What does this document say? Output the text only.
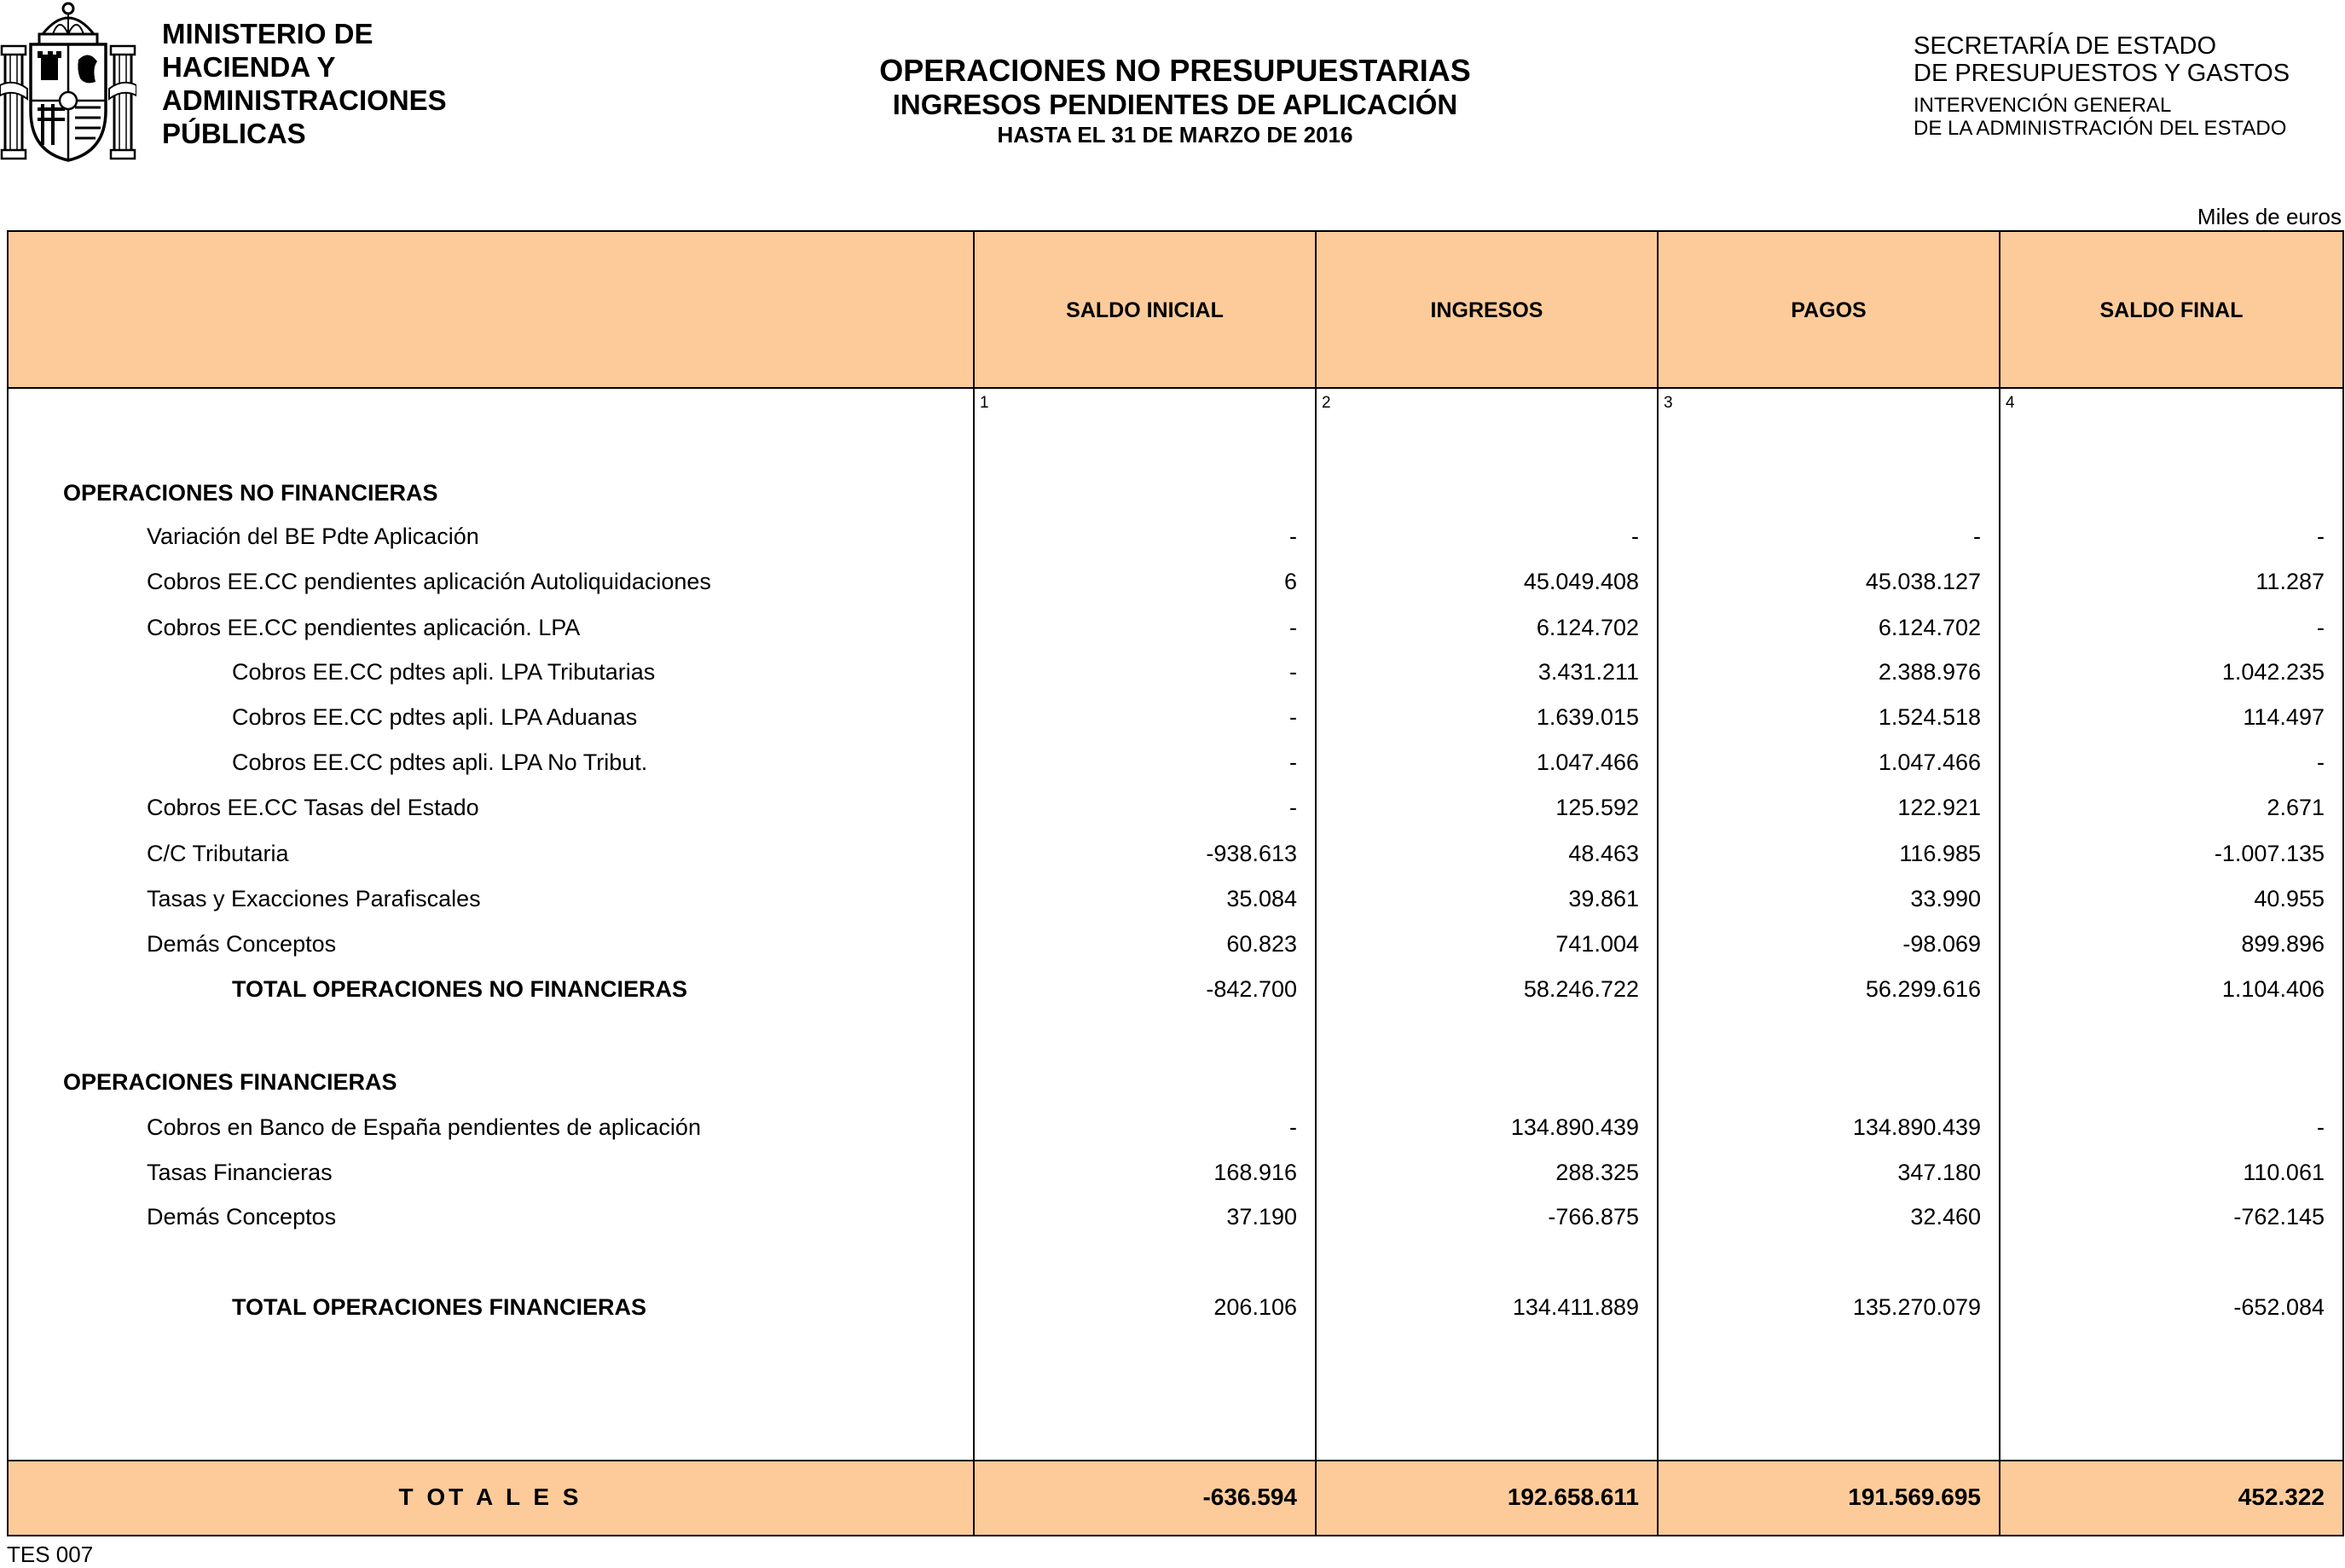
MINISTERIO DE
HACIENDA Y
ADMINISTRACIONES
PÚBLICAS
OPERACIONES NO PRESUPUESTARIAS
INGRESOS PENDIENTES DE APLICACIÓN
HASTA EL 31 DE MARZO DE 2016
SECRETARÍA DE ESTADO
DE PRESUPUESTOS Y GASTOS
INTERVENCIÓN GENERAL
DE LA ADMINISTRACIÓN DEL ESTADO
Miles de euros
SALDO INICIAL	INGRESOS	PAGOS	SALDO FINAL
1	2	3	4
OPERACIONES NO FINANCIERAS
Variación del BE Pdte Aplicación	-	-	-	-
Cobros EE.CC pendientes aplicación Autoliquidaciones	6	45.049.408	45.038.127	11.287
Cobros EE.CC pendientes aplicación. LPA	-	6.124.702	6.124.702	-
Cobros EE.CC pdtes apli. LPA Tributarias	-	3.431.211	2.388.976	1.042.235
Cobros EE.CC pdtes apli. LPA Aduanas	-	1.639.015	1.524.518	114.497
Cobros EE.CC pdtes apli. LPA No Tribut.	-	1.047.466	1.047.466	-
Cobros EE.CC Tasas del Estado	-	125.592	122.921	2.671
C/C Tributaria	-938.613	48.463	116.985	-1.007.135
Tasas y Exacciones Parafiscales	35.084	39.861	33.990	40.955
Demás Conceptos	60.823	741.004	-98.069	899.896
TOTAL OPERACIONES NO FINANCIERAS	-842.700	58.246.722	56.299.616	1.104.406
OPERACIONES FINANCIERAS
Cobros en Banco de España pendientes de aplicación	-	134.890.439	134.890.439	-
Tasas Financieras	168.916	288.325	347.180	110.061
Demás Conceptos	37.190	-766.875	32.460	-762.145
TOTAL OPERACIONES FINANCIERAS	206.106	134.411.889	135.270.079	-652.084
T OT A L E S	-636.594	192.658.611	191.569.695	452.322
TES 007
